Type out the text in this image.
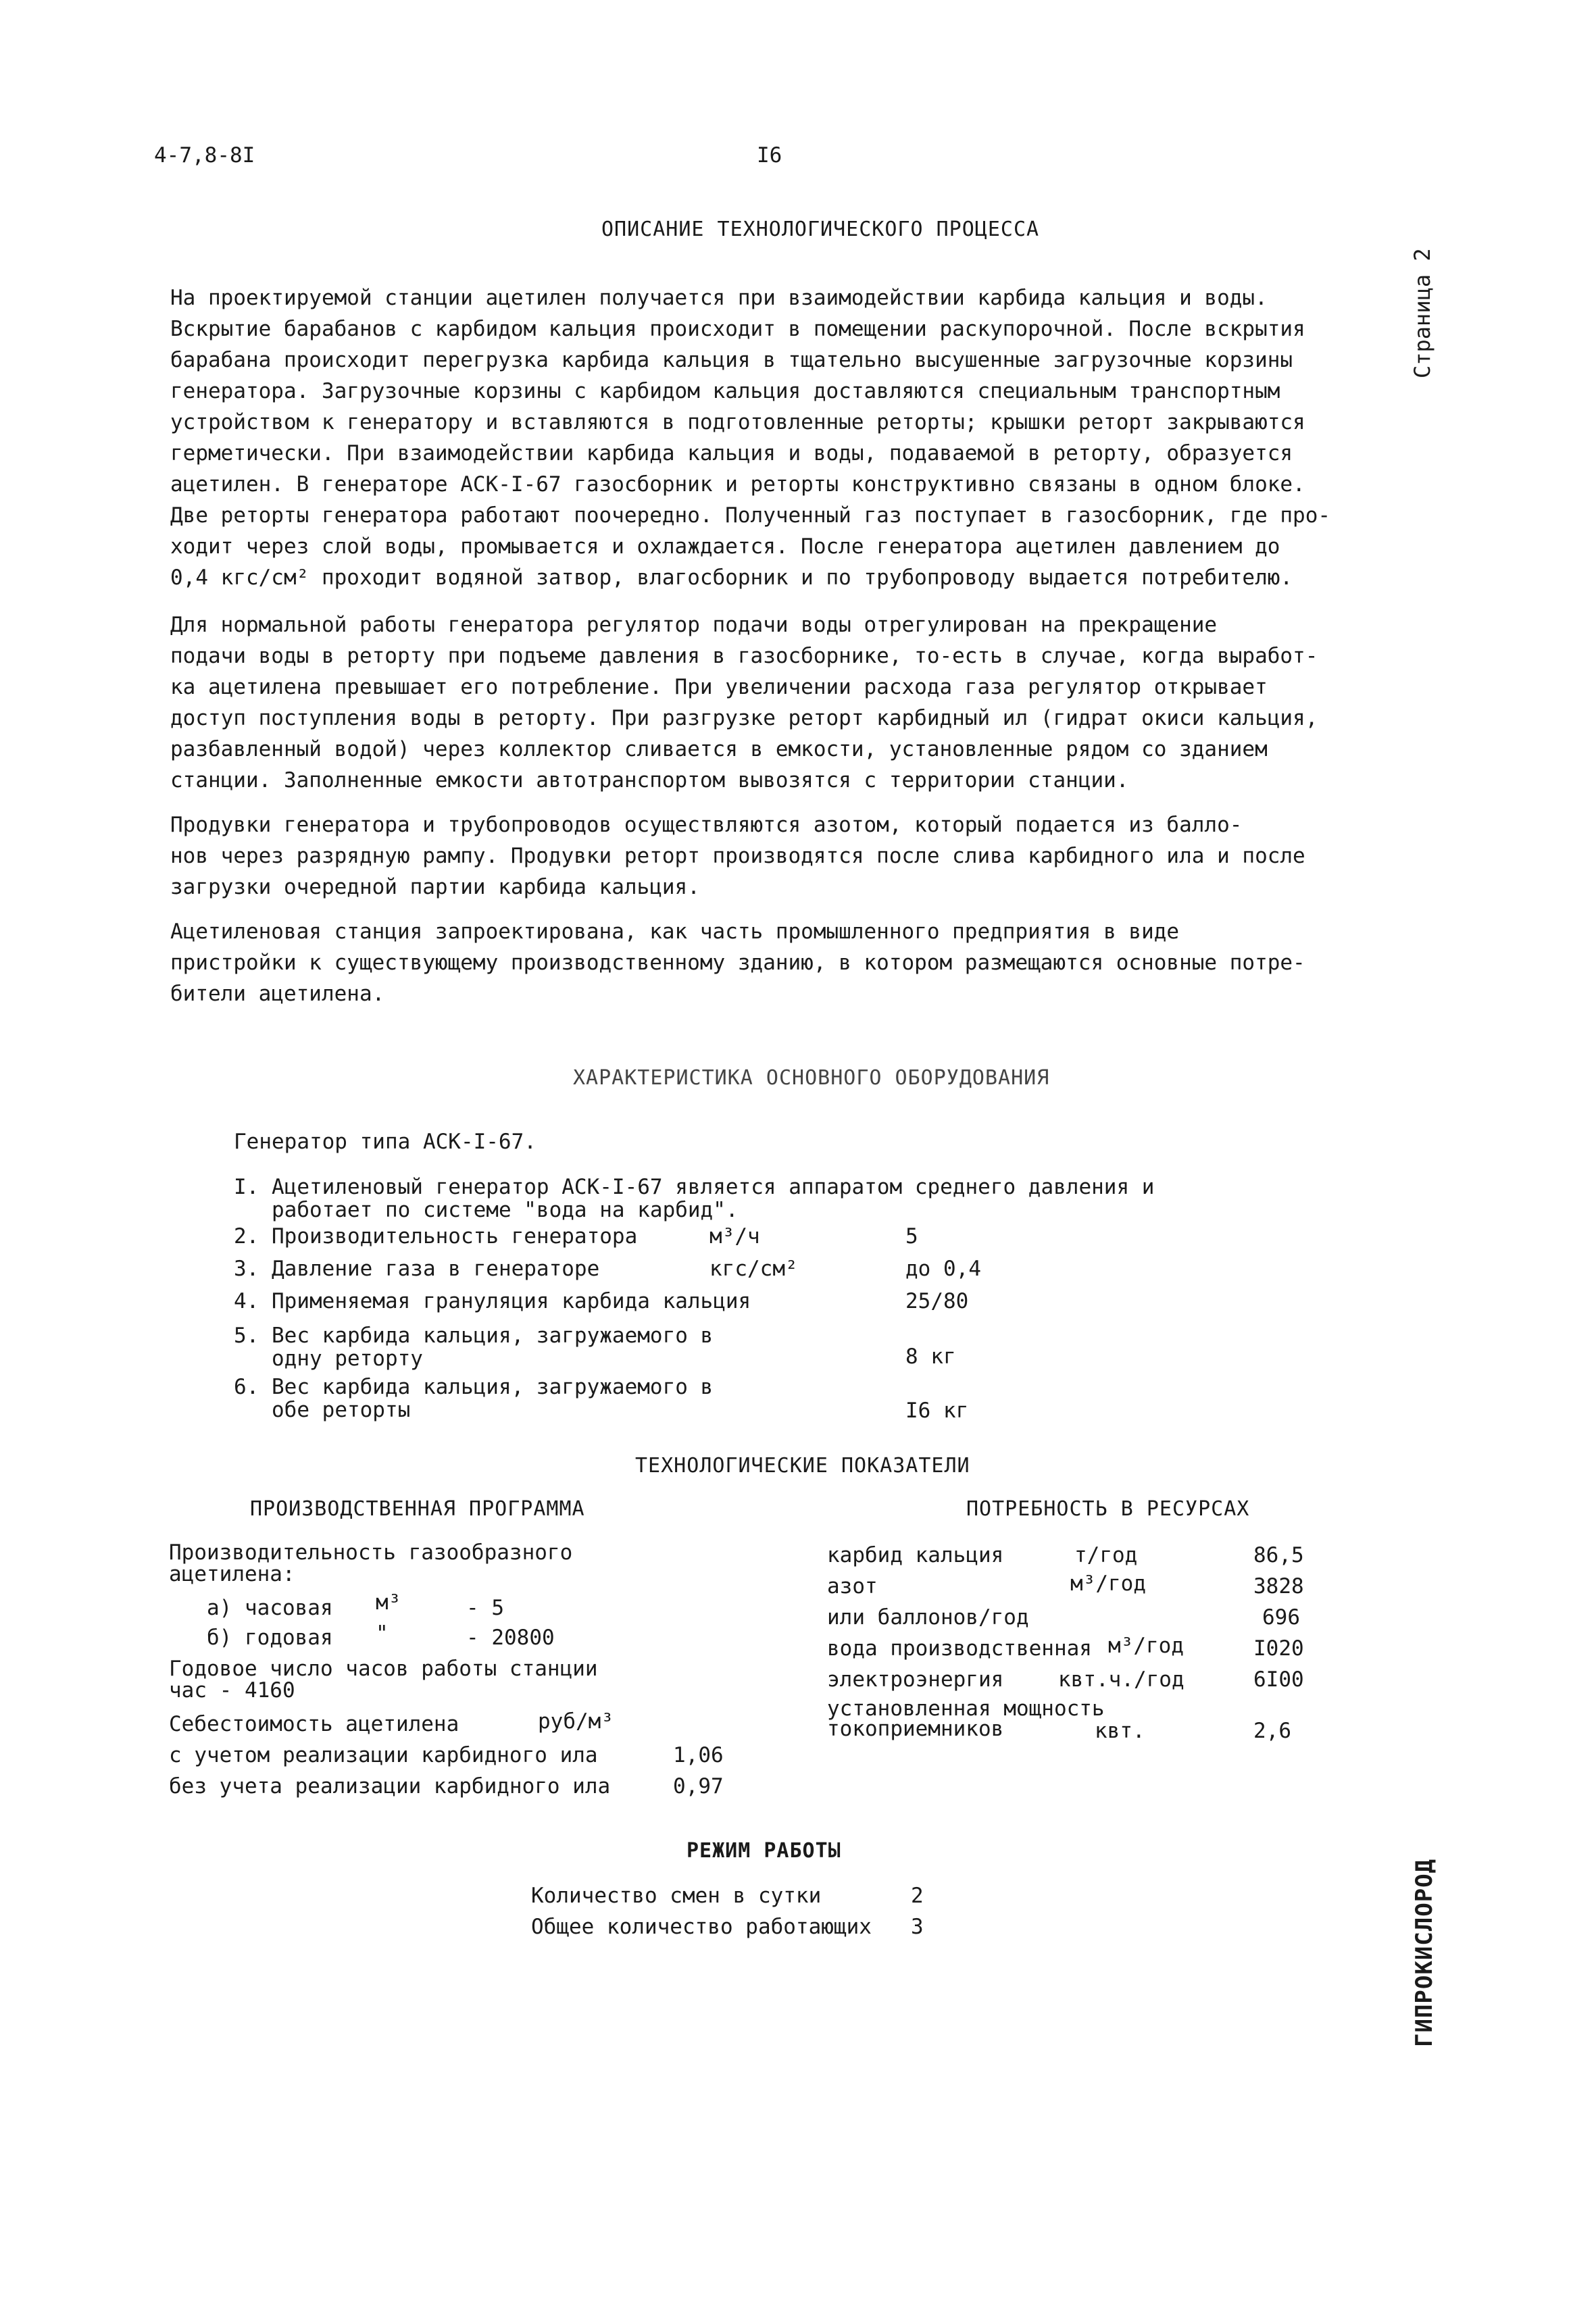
4-7,8-8I	I6
Страница 2
ГИПРОКИСЛОРОД
ОПИСАНИЕ ТЕХНОЛОГИЧЕСКОГО ПРОЦЕССА
На проектируемой станции ацетилен получается при взаимодействии карбида кальция и воды.
Вскрытие барабанов с карбидом кальция происходит в помещении раскупорочной. После вскрытия
барабана происходит перегрузка карбида кальция в тщательно высушенные загрузочные корзины
генератора. Загрузочные корзины с карбидом кальция доставляются специальным транспортным
устройством к генератору и вставляются в подготовленные реторты; крышки реторт закрываются
герметически. При взаимодействии карбида кальция и воды, подаваемой в реторту, образуется
ацетилен. В генераторе АСК-I-67 газосборник и реторты конструктивно связаны в одном блоке.
Две реторты генератора работают поочередно. Полученный газ поступает в газосборник, где про-
ходит через слой воды, промывается и охлаждается. После генератора ацетилен давлением до
0,4 кгс/см² проходит водяной затвор, влагосборник и по трубопроводу выдается потребителю.
Для нормальной работы генератора регулятор подачи воды отрегулирован на прекращение
подачи воды в реторту при подъеме давления в газосборнике, то-есть в случае, когда выработ-
ка ацетилена превышает его потребление. При увеличении расхода газа регулятор открывает
доступ поступления воды в реторту. При разгрузке реторт карбидный ил (гидрат окиси кальция,
разбавленный водой) через коллектор сливается в емкости, установленные рядом со зданием
станции. Заполненные емкости автотранспортом вывозятся с территории станции.
Продувки генератора и трубопроводов осуществляются азотом, который подается из балло-
нов через разрядную рампу. Продувки реторт производятся после слива карбидного ила и после
загрузки очередной партии карбида кальция.
Ацетиленовая станция запроектирована, как часть промышленного предприятия в виде
пристройки к существующему производственному зданию, в котором размещаются основные потре-
бители ацетилена.
ХАРАКТЕРИСТИКА ОСНОВНОГО ОБОРУДОВАНИЯ
Генератор типа АСК-I-67.
I. Ацетиленовый генератор АСК-I-67 является аппаратом среднего давления и
работает по системе "вода на карбид".
2. Производительность генератора	м³/ч	5
3. Давление газа в генераторе	кгс/см²	до 0,4
4. Применяемая грануляция карбида кальция	25/80
5. Вес карбида кальция, загружаемого в
одну реторту	8 кг
6. Вес карбида кальция, загружаемого в
обе реторты	I6 кг
ТЕХНОЛОГИЧЕСКИЕ ПОКАЗАТЕЛИ
ПРОИЗВОДСТВЕННАЯ ПРОГРАММА	ПОТРЕБНОСТЬ В РЕСУРСАХ
Производительность газообразного
ацетилена:
а) часовая м³	- 5
б) годовая "	- 20800
Годовое число часов работы станции
час - 4160
Себестоимость ацетилена	руб/м³
с учетом реализации карбидного ила	1,06
без учета реализации карбидного ила	0,97
карбид кальция	т/год	86,5
азот	м³/год	3828
или баллонов/год	696
вода производственная м³/год	I020
электроэнергия	квт.ч./год	6I00
установленная мощность
токоприемников	квт.	2,6
РЕЖИМ РАБОТЫ
Количество смен в сутки	2
Общее количество работающих 3
